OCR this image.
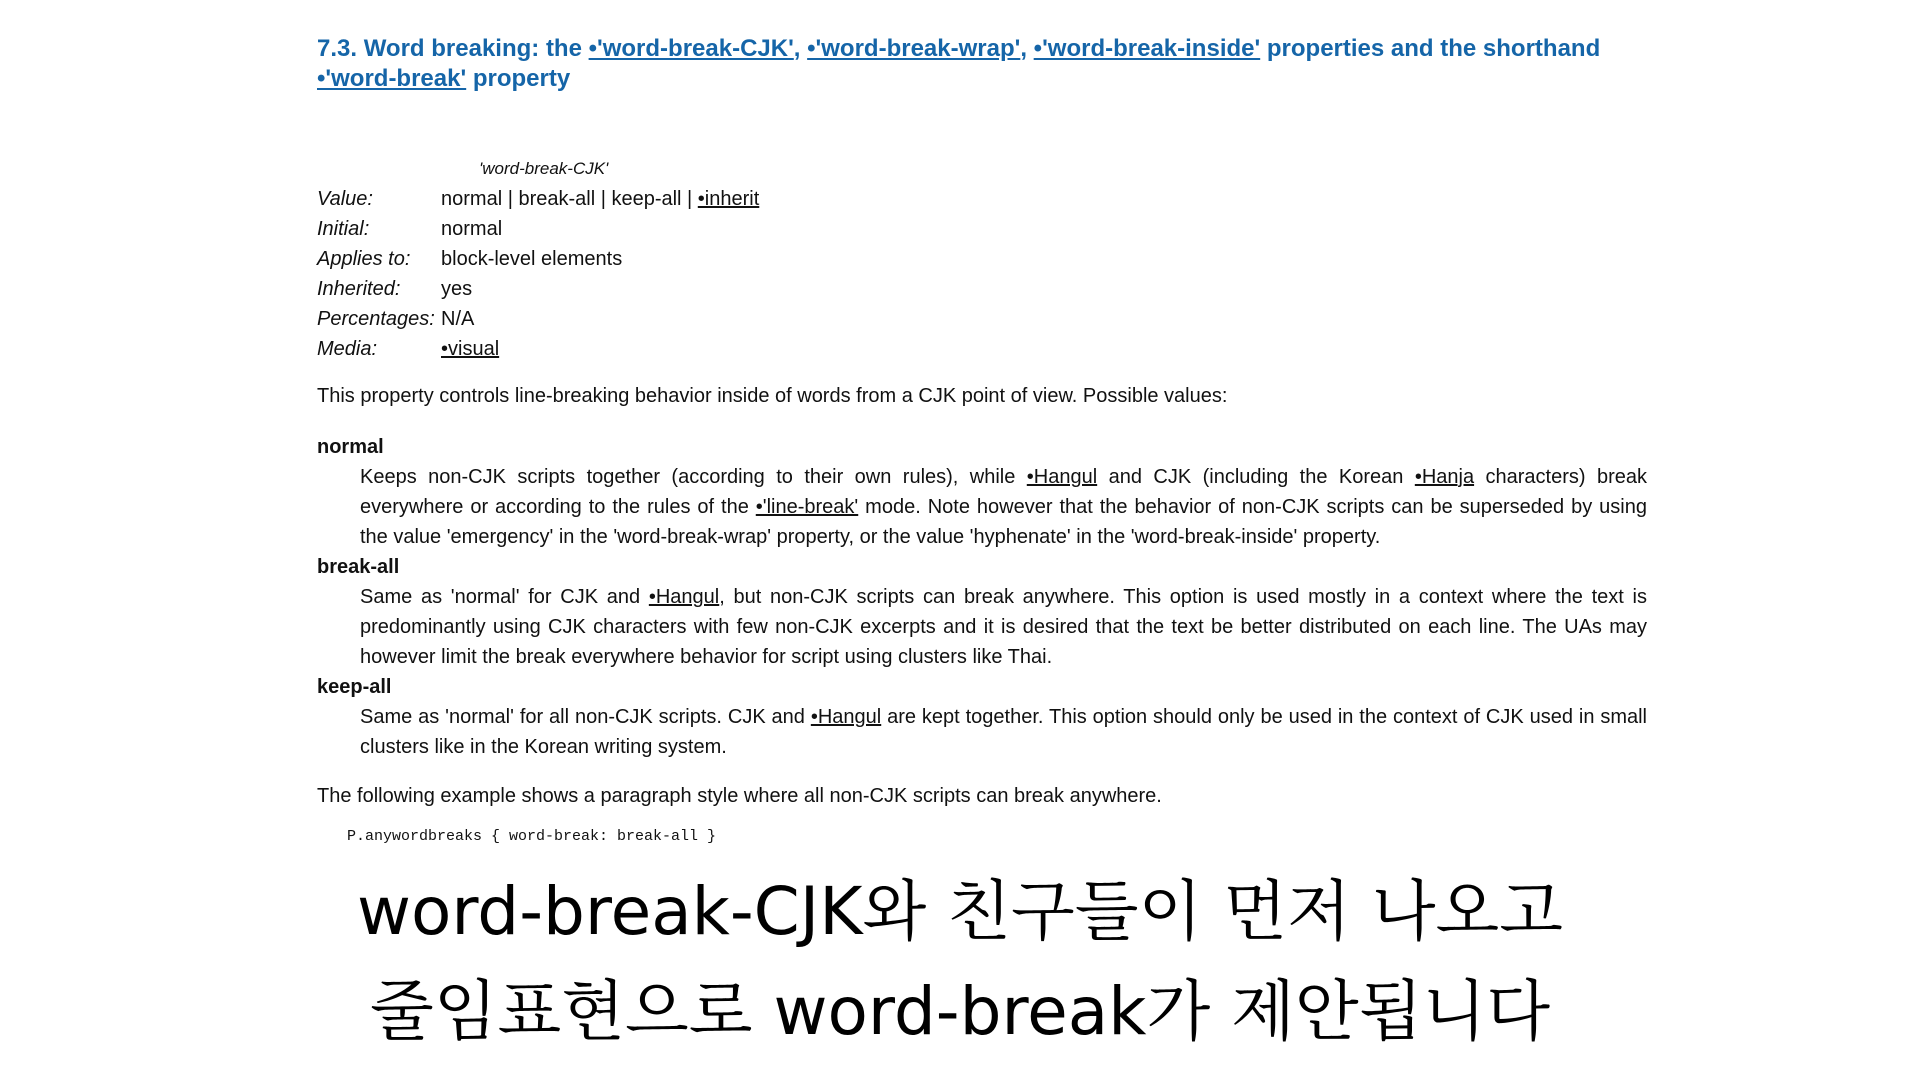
7.3. Word breaking: the •'word-break-CJK', •'word-break-wrap', •'word-break-inside' properties and the shorthand
•'word-break' property
'word-break-CJK'
Value:	normal | break-all | keep-all | •inherit
Initial:	normal
Applies to:	block-level elements
Inherited:	yes
Percentages:	N/A
Media:	•visual

This property controls line-breaking behavior inside of words from a CJK point of view. Possible values:

normal
Keeps non-CJK scripts together (according to their own rules), while •Hangul and CJK (including the Korean •Hanja characters) break everywhere or according to the rules of the •'line-break' mode. Note however that the behavior of non-CJK scripts can be superseded by using the value 'emergency' in the 'word-break-wrap' property, or the value 'hyphenate' in the 'word-break-inside' property.
break-all
Same as 'normal' for CJK and •Hangul, but non-CJK scripts can break anywhere. This option is used mostly in a context where the text is predominantly using CJK characters with few non-CJK excerpts and it is desired that the text be better distributed on each line. The UAs may however limit the break everywhere behavior for script using clusters like Thai.
keep-all
Same as 'normal' for all non-CJK scripts. CJK and •Hangul are kept together. This option should only be used in the context of CJK used in small clusters like in the Korean writing system.

The following example shows a paragraph style where all non-CJK scripts can break anywhere.

P.anywordbreaks { word-break: break-all }
word-break-CJK와 친구들이 먼저 나오고
줄임표현으로 word-break가 제안됩니다
